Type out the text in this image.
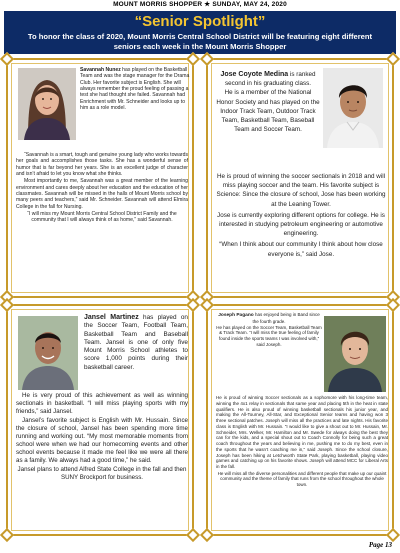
MOUNT MORRIS SHOPPER ★ SUNDAY, MAY 24, 2020
“Senior Spotlight”
To honor the class of 2020, Mount Morris Central School District will be featuring eight different seniors each week in the Mount Morris Shopper
Savannah Nunez has played on the Basketball Team and was the stage manager for the Drama Club. Her favorite subject is English. She will always remember the proud feeling of passing a test she had thought she failed. Savannah had Enrichment with Mr. Schneider and looks up to him as a role model.

“Savannah is a smart, tough and genuine young lady who works towards her goals and accomplishes those tasks. She has a wonderful sense of humor that is far beyond her years. She is an excellent judge of character and isn’t afraid to let you know what she thinks.

Most importantly to me, Savannah was a great member of the learning environment and cares deeply about her education and the education of her classmates. Savannah will be missed in the halls of Mount Morris school by many peers and teachers,” said Mr. Schneider. Savannah will attend Elmira College in the fall for Nursing.

“I will miss my Mount Morris Central School District Family and the community that I will always think of as home,” said Savannah.

Jose Coyote Medina is ranked second in his graduating class.

He is a member of the National Honor Society and has played on the Indoor Track Team, Outdoor Track Team, Basketball Team, Baseball Team and Soccer Team.

He is proud of winning the soccer sectionals in 2018 and will miss playing soccer and the team. His favorite subject is Science: Since the closure of school, Jose has been working at the Leaning Tower.

Jose is currently exploring different options for college. He is interested in studying petroleum engineering or automotive engineering.

“When I think about our community I think about how close everyone is,” said Jose.

Jansel Martinez has played on the Soccer Team, Football Team, Basketball Team and Baseball Team. Jansel is one of only five Mount Morris School athletes to score 1,000 points during their basketball career.

He is very proud of this achievement as well as winning sectionals in basketball. “I will miss playing sports with my friends,” said Jansel.

Jansel’s favorite subject is English with Mr. Hussain. Since the closure of school, Jansel has been spending more time running and working out. “My most memorable moments from school were when we had our homecoming events and other school events because it made me feel like we were all there as a family. We always had a good time,” he said.

Jansel plans to attend Alfred State College in the fall and then SUNY Brockport for business.

Joseph Pagano has enjoyed being in Band since the fourth grade.

He has played on the Soccer Team, Basketball Team & Track Team. “I will miss the true feeling of family found inside the sports teams I was involved with,” said Joseph.

He is proud of winning Soccer sectionals as a sophomore with his long-time team, winning the 4x1 relay in sectionals that same year and placing 5th in the heat in state qualifiers. He is also proud of winning basketball sectionals his junior year, and making the All-Tourney, All-Star, and Exceptional Senior teams and having won 3 three sectional patches. Joseph will miss all the practices and late nights. His favorite class is English with Mr. Hussain. “I would like to give a shout out to Mr. Hussain, Mr. Schneider, Mrs. Welker, Mr. Hamilton and Mr. Swede for always doing the best they can for the kids, and a special shout out to Coach Connolly for being such a great coach throughout the years and believing in me, pushing me to do my best, even in the sports that he wasn’t coaching me in,” said Joseph. Since the school closure, Joseph has been hiking at Letchworth State Park, playing basketball, playing video games and catching up on his favorite shows. Joseph will attend MCC for Liberal Arts in the fall.

He will miss all the diverse personalities and different people that make up our quaint community and the theme of family that runs from the school throughout the whole town.

Page 13
